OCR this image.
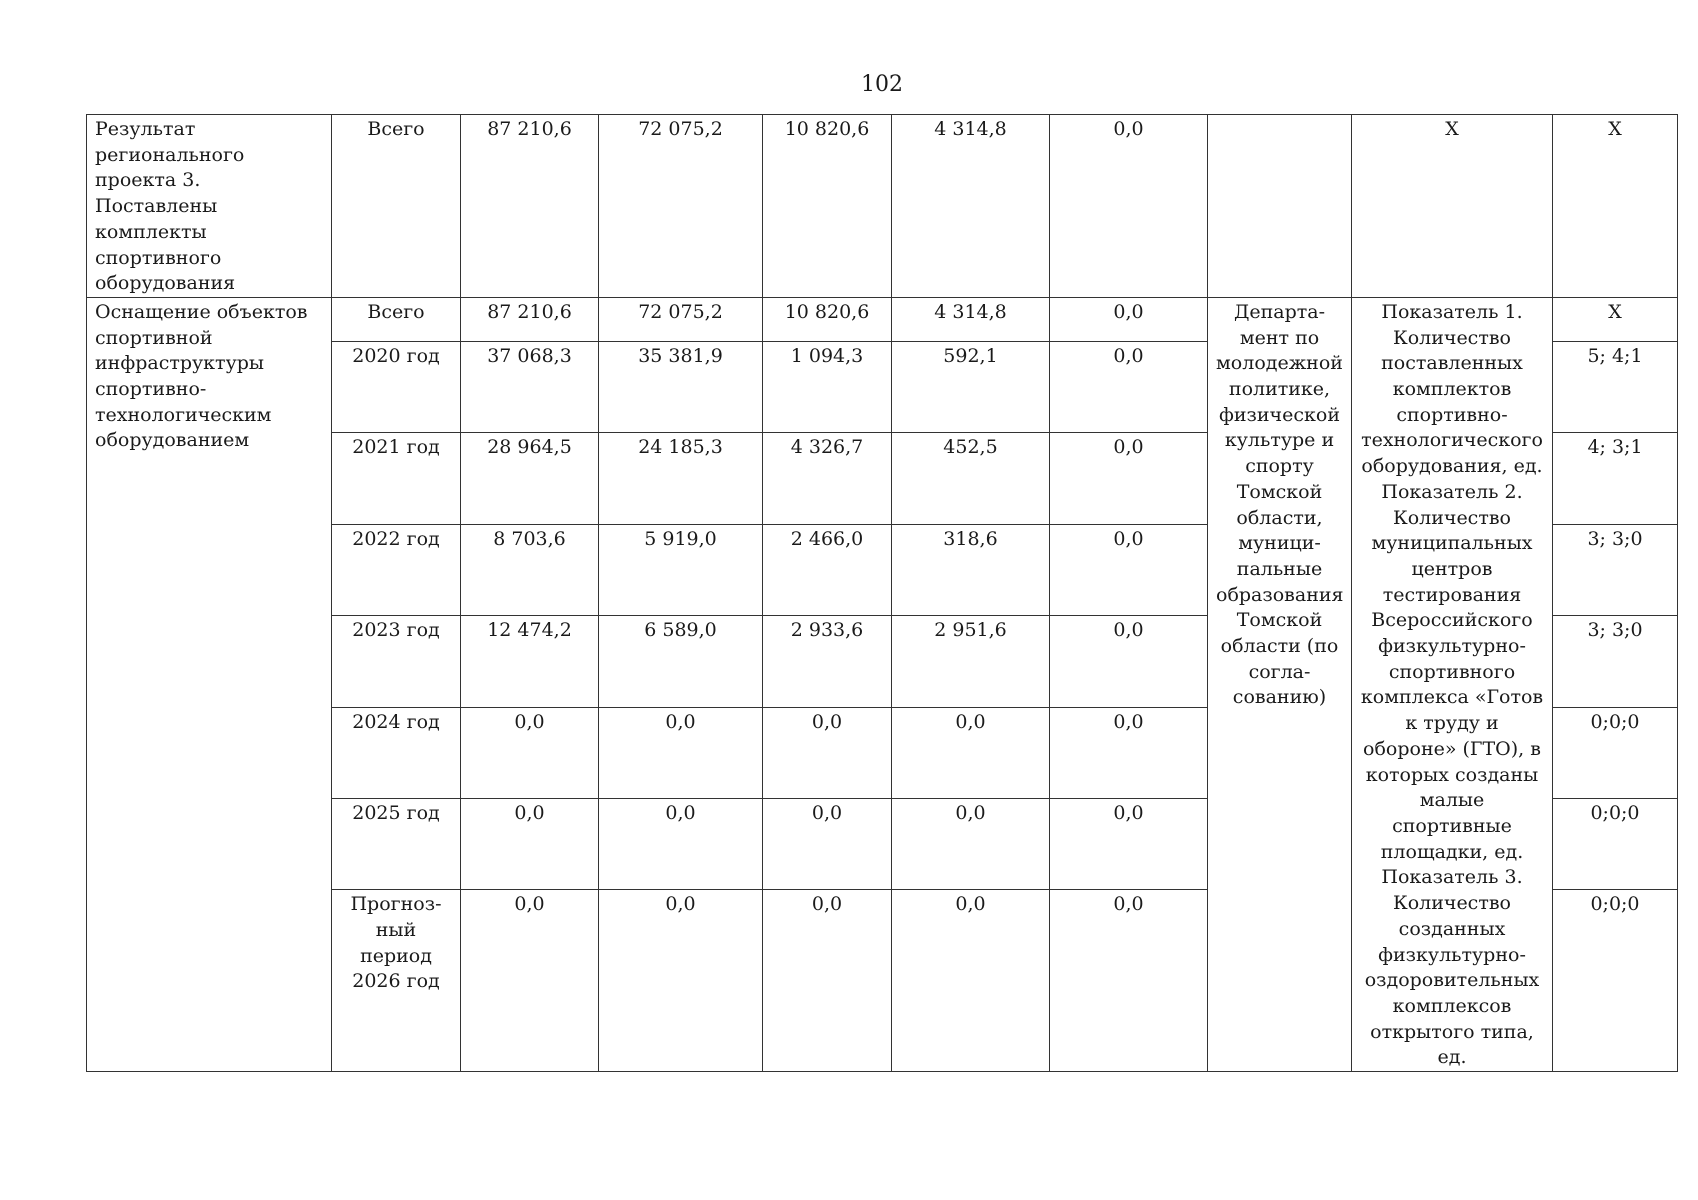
102
Результат регионального проекта 3. Поставлены комплекты спортивного оборудования	Всего	87 210,6	72 075,2	10 820,6	4 314,8	0,0		X	X
Оснащение объектов спортивной инфраструктуры спортивно-технологическим оборудованием	Всего	87 210,6	72 075,2	10 820,6	4 314,8	0,0	Департа-мент по молодежной политике, физической культуре и спорту Томской области, муници-пальные образования Томской области (по согла-сованию)	Показатель 1. Количество поставленных комплектов спортивно-технологического оборудования, ед. Показатель 2. Количество муниципальных центров тестирования Всероссийского физкультурно-спортивного комплекса «Готов к труду и обороне» (ГТО), в которых созданы малые спортивные площадки, ед. Показатель 3. Количество созданных физкультурно-оздоровительных комплексов открытого типа, ед.	X
	2020 год	37 068,3	35 381,9	1 094,3	592,1	0,0			5; 4;1
	2021 год	28 964,5	24 185,3	4 326,7	452,5	0,0			4; 3;1
	2022 год	8 703,6	5 919,0	2 466,0	318,6	0,0			3; 3;0
	2023 год	12 474,2	6 589,0	2 933,6	2 951,6	0,0			3; 3;0
	2024 год	0,0	0,0	0,0	0,0	0,0			0;0;0
	2025 год	0,0	0,0	0,0	0,0	0,0			0;0;0
	Прогноз-ный период 2026 год	0,0	0,0	0,0	0,0	0,0			0;0;0
